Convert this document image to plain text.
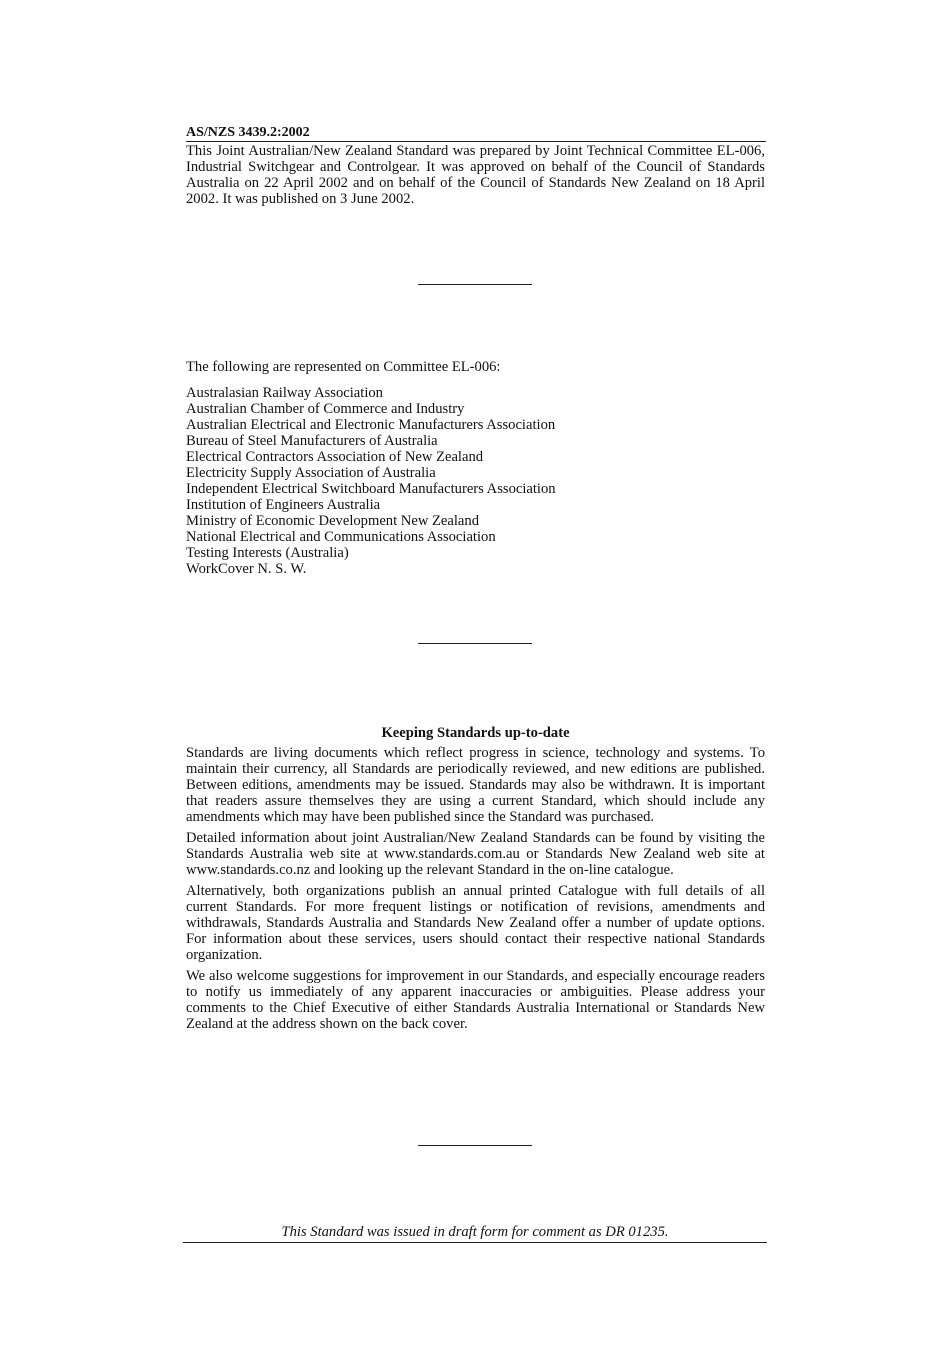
AS/NZS 3439.2:2002

This Joint Australian/New Zealand Standard was prepared by Joint Technical Committee EL-006, Industrial Switchgear and Controlgear. It was approved on behalf of the Council of Standards Australia on 22 April 2002 and on behalf of the Council of Standards New Zealand on 18 April 2002. It was published on 3 June 2002.

The following are represented on Committee EL-006:

Australasian Railway Association
Australian Chamber of Commerce and Industry
Australian Electrical and Electronic Manufacturers Association
Bureau of Steel Manufacturers of Australia
Electrical Contractors Association of New Zealand
Electricity Supply Association of Australia
Independent Electrical Switchboard Manufacturers Association
Institution of Engineers Australia
Ministry of Economic Development New Zealand
National Electrical and Communications Association
Testing Interests (Australia)
WorkCover N. S. W.
Keeping Standards up-to-date

Standards are living documents which reflect progress in science, technology and systems. To maintain their currency, all Standards are periodically reviewed, and new editions are published. Between editions, amendments may be issued. Standards may also be withdrawn. It is important that readers assure themselves they are using a current Standard, which should include any amendments which may have been published since the Standard was purchased.

Detailed information about joint Australian/New Zealand Standards can be found by visiting the Standards Australia web site at www.standards.com.au or Standards New Zealand web site at www.standards.co.nz and looking up the relevant Standard in the on-line catalogue.

Alternatively, both organizations publish an annual printed Catalogue with full details of all current Standards. For more frequent listings or notification of revisions, amendments and withdrawals, Standards Australia and Standards New Zealand offer a number of update options. For information about these services, users should contact their respective national Standards organization.

We also welcome suggestions for improvement in our Standards, and especially encourage readers to notify us immediately of any apparent inaccuracies or ambiguities. Please address your comments to the Chief Executive of either Standards Australia International or Standards New Zealand at the address shown on the back cover.

This Standard was issued in draft form for comment as DR 01235.
